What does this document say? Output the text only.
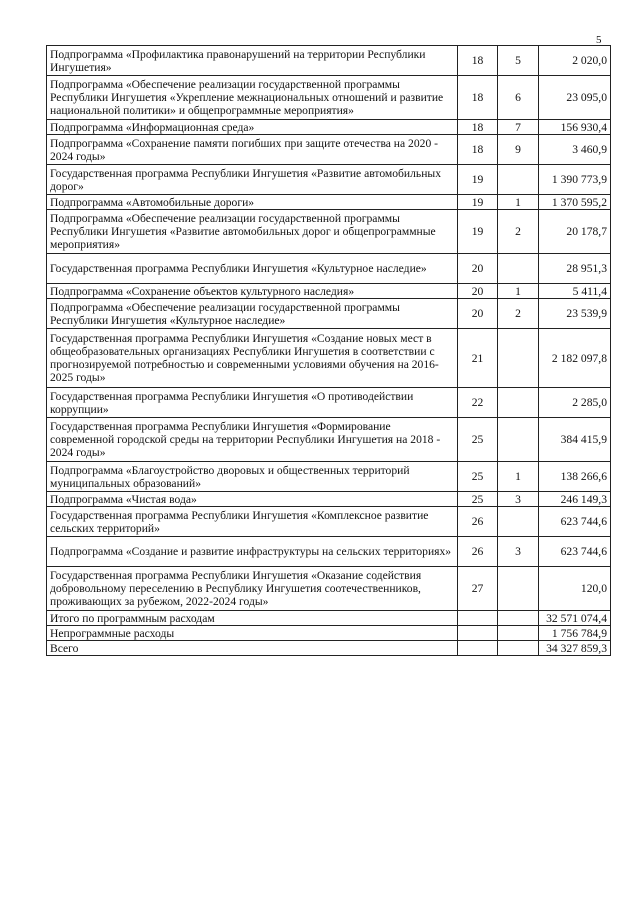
5
Подпрограмма «Профилактика правонарушений на территории Республики Ингушетия»	18	5	2 020,0
Подпрограмма «Обеспечение реализации государственной программы Республики Ингушетия «Укрепление межнациональных отношений и развитие национальной политики» и общепрограммные мероприятия»	18	6	23 095,0
Подпрограмма «Информационная среда»	18	7	156 930,4
Подпрограмма «Сохранение памяти погибших при защите отечества на 2020 - 2024 годы»	18	9	3 460,9
Государственная программа Республики Ингушетия «Развитие автомобильных дорог»	19		1 390 773,9
Подпрограмма «Автомобильные дороги»	19	1	1 370 595,2
Подпрограмма «Обеспечение реализации государственной программы Республики Ингушетия «Развитие автомобильных дорог и общепрограммные мероприятия»	19	2	20 178,7
Государственная программа Республики Ингушетия «Культурное наследие»	20		28 951,3
Подпрограмма «Сохранение объектов культурного наследия»	20	1	5 411,4
Подпрограмма «Обеспечение реализации государственной программы Республики Ингушетия «Культурное наследие»	20	2	23 539,9
Государственная программа Республики Ингушетия «Создание новых мест в общеобразовательных организациях Республики Ингушетия в соответствии с прогнозируемой потребностью и современными условиями обучения на 2016-2025 годы»	21		2 182 097,8
Государственная программа Республики Ингушетия «О противодействии коррупции»	22		2 285,0
Государственная программа Республики Ингушетия «Формирование современной городской среды на территории Республики Ингушетия на 2018 - 2024 годы»	25		384 415,9
Подпрограмма «Благоустройство дворовых и общественных территорий муниципальных образований»	25	1	138 266,6
Подпрограмма «Чистая вода»	25	3	246 149,3
Государственная программа Республики Ингушетия «Комплексное развитие сельских территорий»	26		623 744,6
Подпрограмма «Создание и развитие инфраструктуры на сельских территориях»	26	3	623 744,6
Государственная программа Республики Ингушетия «Оказание содействия добровольному переселению в Республику Ингушетия соотечественников, проживающих за рубежом, 2022-2024 годы»	27		120,0
Итого по программным расходам			32 571 074,4
Непрограммные расходы			1 756 784,9
Всего			34 327 859,3
